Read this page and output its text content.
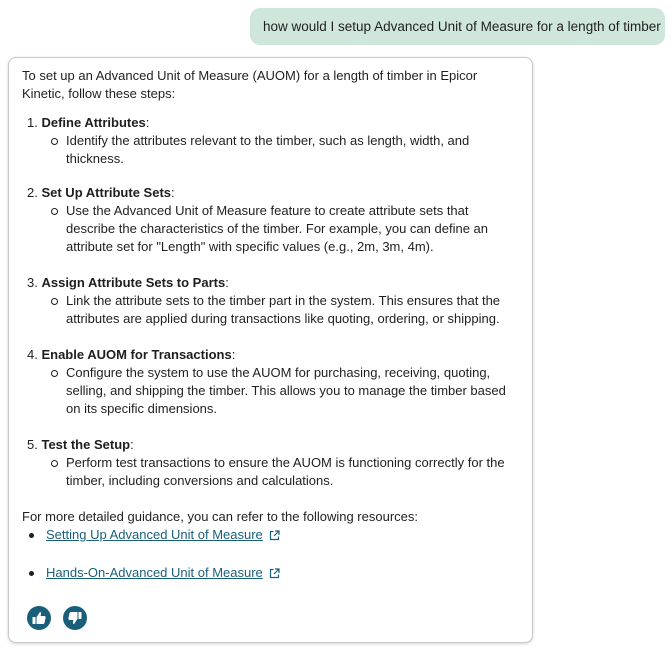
how would I setup Advanced Unit of Measure for a length of timber
To set up an Advanced Unit of Measure (AUOM) for a length of timber in Epicor Kinetic, follow these steps:
1. Define Attributes:
Identify the attributes relevant to the timber, such as length, width, and thickness.
2. Set Up Attribute Sets:
Use the Advanced Unit of Measure feature to create attribute sets that describe the characteristics of the timber. For example, you can define an attribute set for "Length" with specific values (e.g., 2m, 3m, 4m).
3. Assign Attribute Sets to Parts:
Link the attribute sets to the timber part in the system. This ensures that the attributes are applied during transactions like quoting, ordering, or shipping.
4. Enable AUOM for Transactions:
Configure the system to use the AUOM for purchasing, receiving, quoting, selling, and shipping the timber. This allows you to manage the timber based on its specific dimensions.
5. Test the Setup:
Perform test transactions to ensure the AUOM is functioning correctly for the timber, including conversions and calculations.
For more detailed guidance, you can refer to the following resources:
Setting Up Advanced Unit of Measure
Hands-On-Advanced Unit of Measure
